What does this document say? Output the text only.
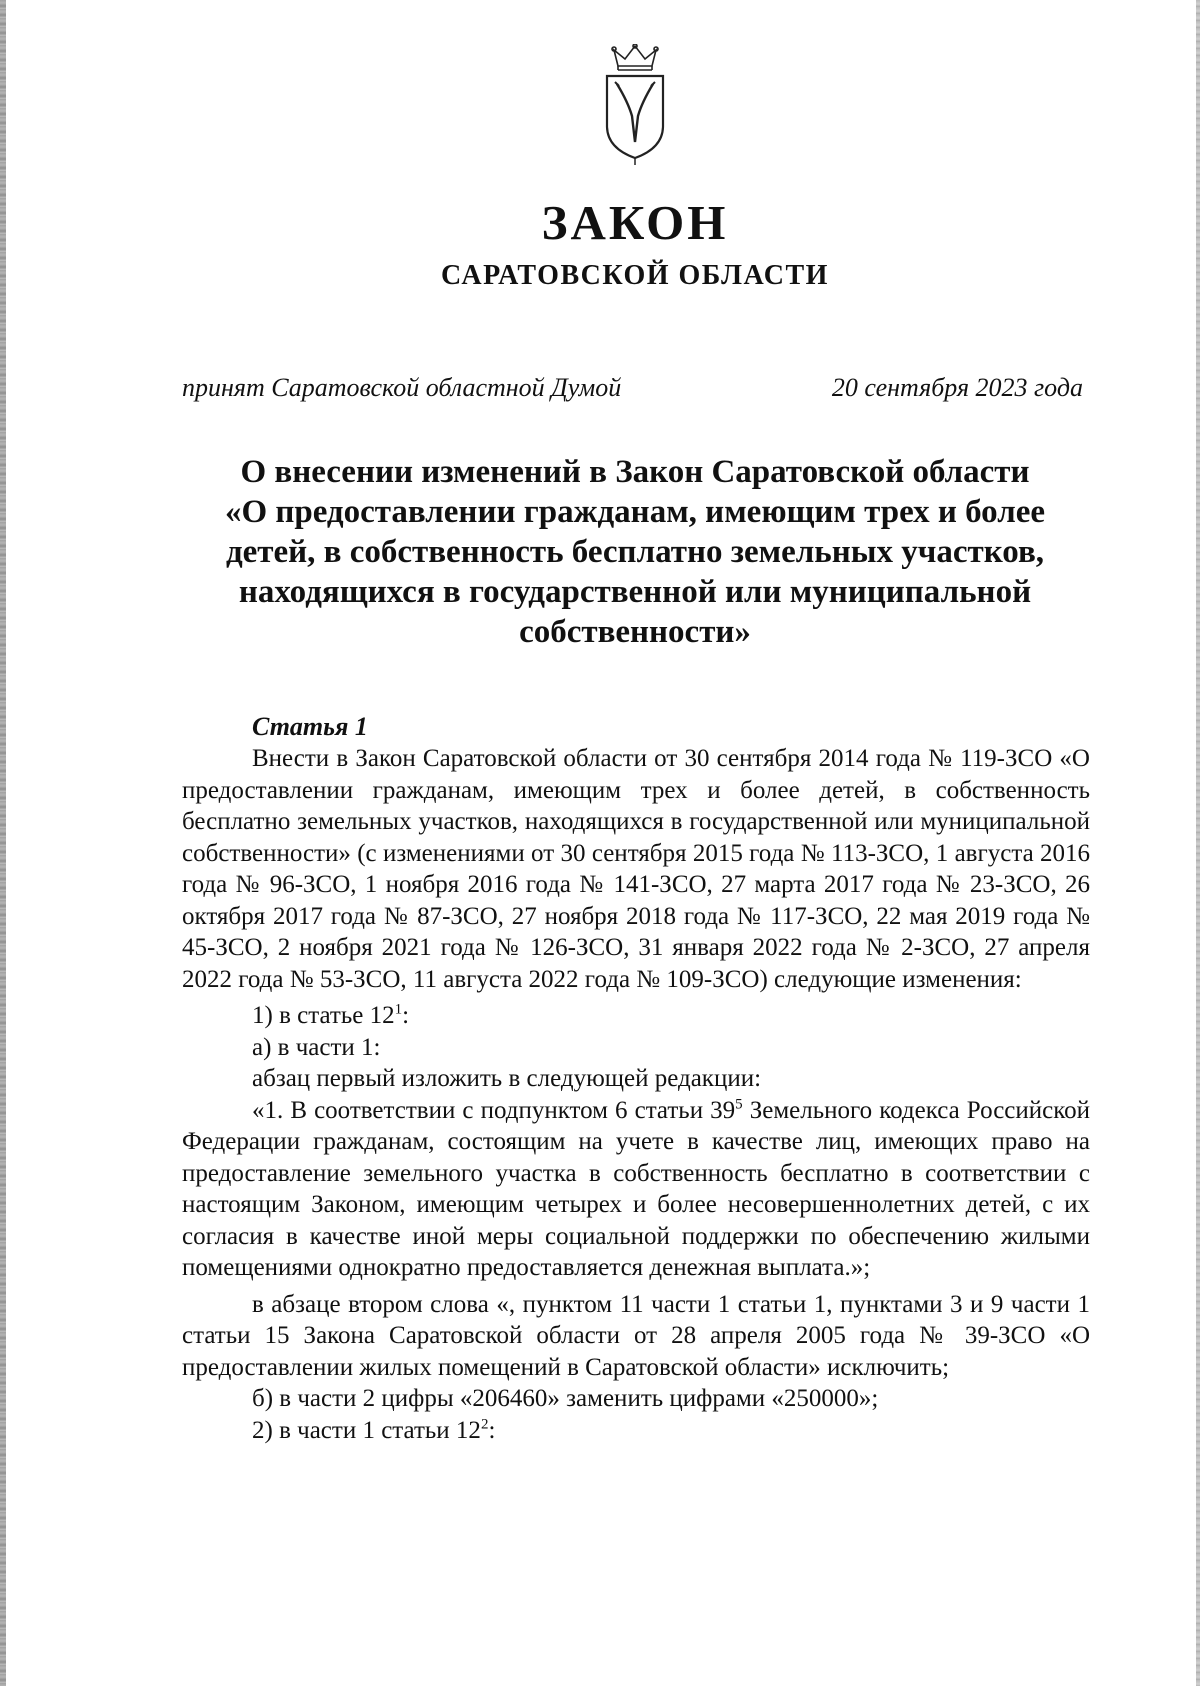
ЗАКОН
САРАТОВСКОЙ ОБЛАСТИ
принят Саратовской областной Думой	20 сентября 2023 года
О внесении изменений в Закон Саратовской области
«О предоставлении гражданам, имеющим трех и более
детей, в собственность бесплатно земельных участков,
находящихся в государственной или муниципальной
собственности»
Статья 1

Внести в Закон Саратовской области от 30 сентября 2014 года № 119-ЗСО «О предоставлении гражданам, имеющим трех и более детей, в собственность бесплатно земельных участков, находящихся в государственной или муниципальной собственности» (с изменениями от 30 сентября 2015 года № 113-ЗСО, 1 августа 2016 года № 96-ЗСО, 1 ноября 2016 года № 141-ЗСО, 27 марта 2017 года № 23-ЗСО, 26 октября 2017 года № 87-ЗСО, 27 ноября 2018 года № 117-ЗСО, 22 мая 2019 года № 45-ЗСО, 2 ноября 2021 года № 126-ЗСО, 31 января 2022 года № 2-ЗСО, 27 апреля 2022 года № 53-ЗСО, 11 августа 2022 года № 109-ЗСО) следующие изменения:

1) в статье $12^1$:

а) в части 1:

абзац первый изложить в следующей редакции:

«1. В соответствии с подпунктом 6 статьи $39^5$ Земельного кодекса Российской Федерации гражданам, состоящим на учете в качестве лиц, имеющих право на предоставление земельного участка в собственность бесплатно в соответствии с настоящим Законом, имеющим четырех и более несовершеннолетних детей, с их согласия в качестве иной меры социальной поддержки по обеспечению жилыми помещениями однократно предоставляется денежная выплата.»;

в абзаце втором слова «, пунктом 11 части 1 статьи 1, пунктами 3 и 9 части 1 статьи 15 Закона Саратовской области от 28 апреля 2005 года № 39-ЗСО «О предоставлении жилых помещений в Саратовской области» исключить;

б) в части 2 цифры «206460» заменить цифрами «250000»;

2) в части 1 статьи $12^2$:
